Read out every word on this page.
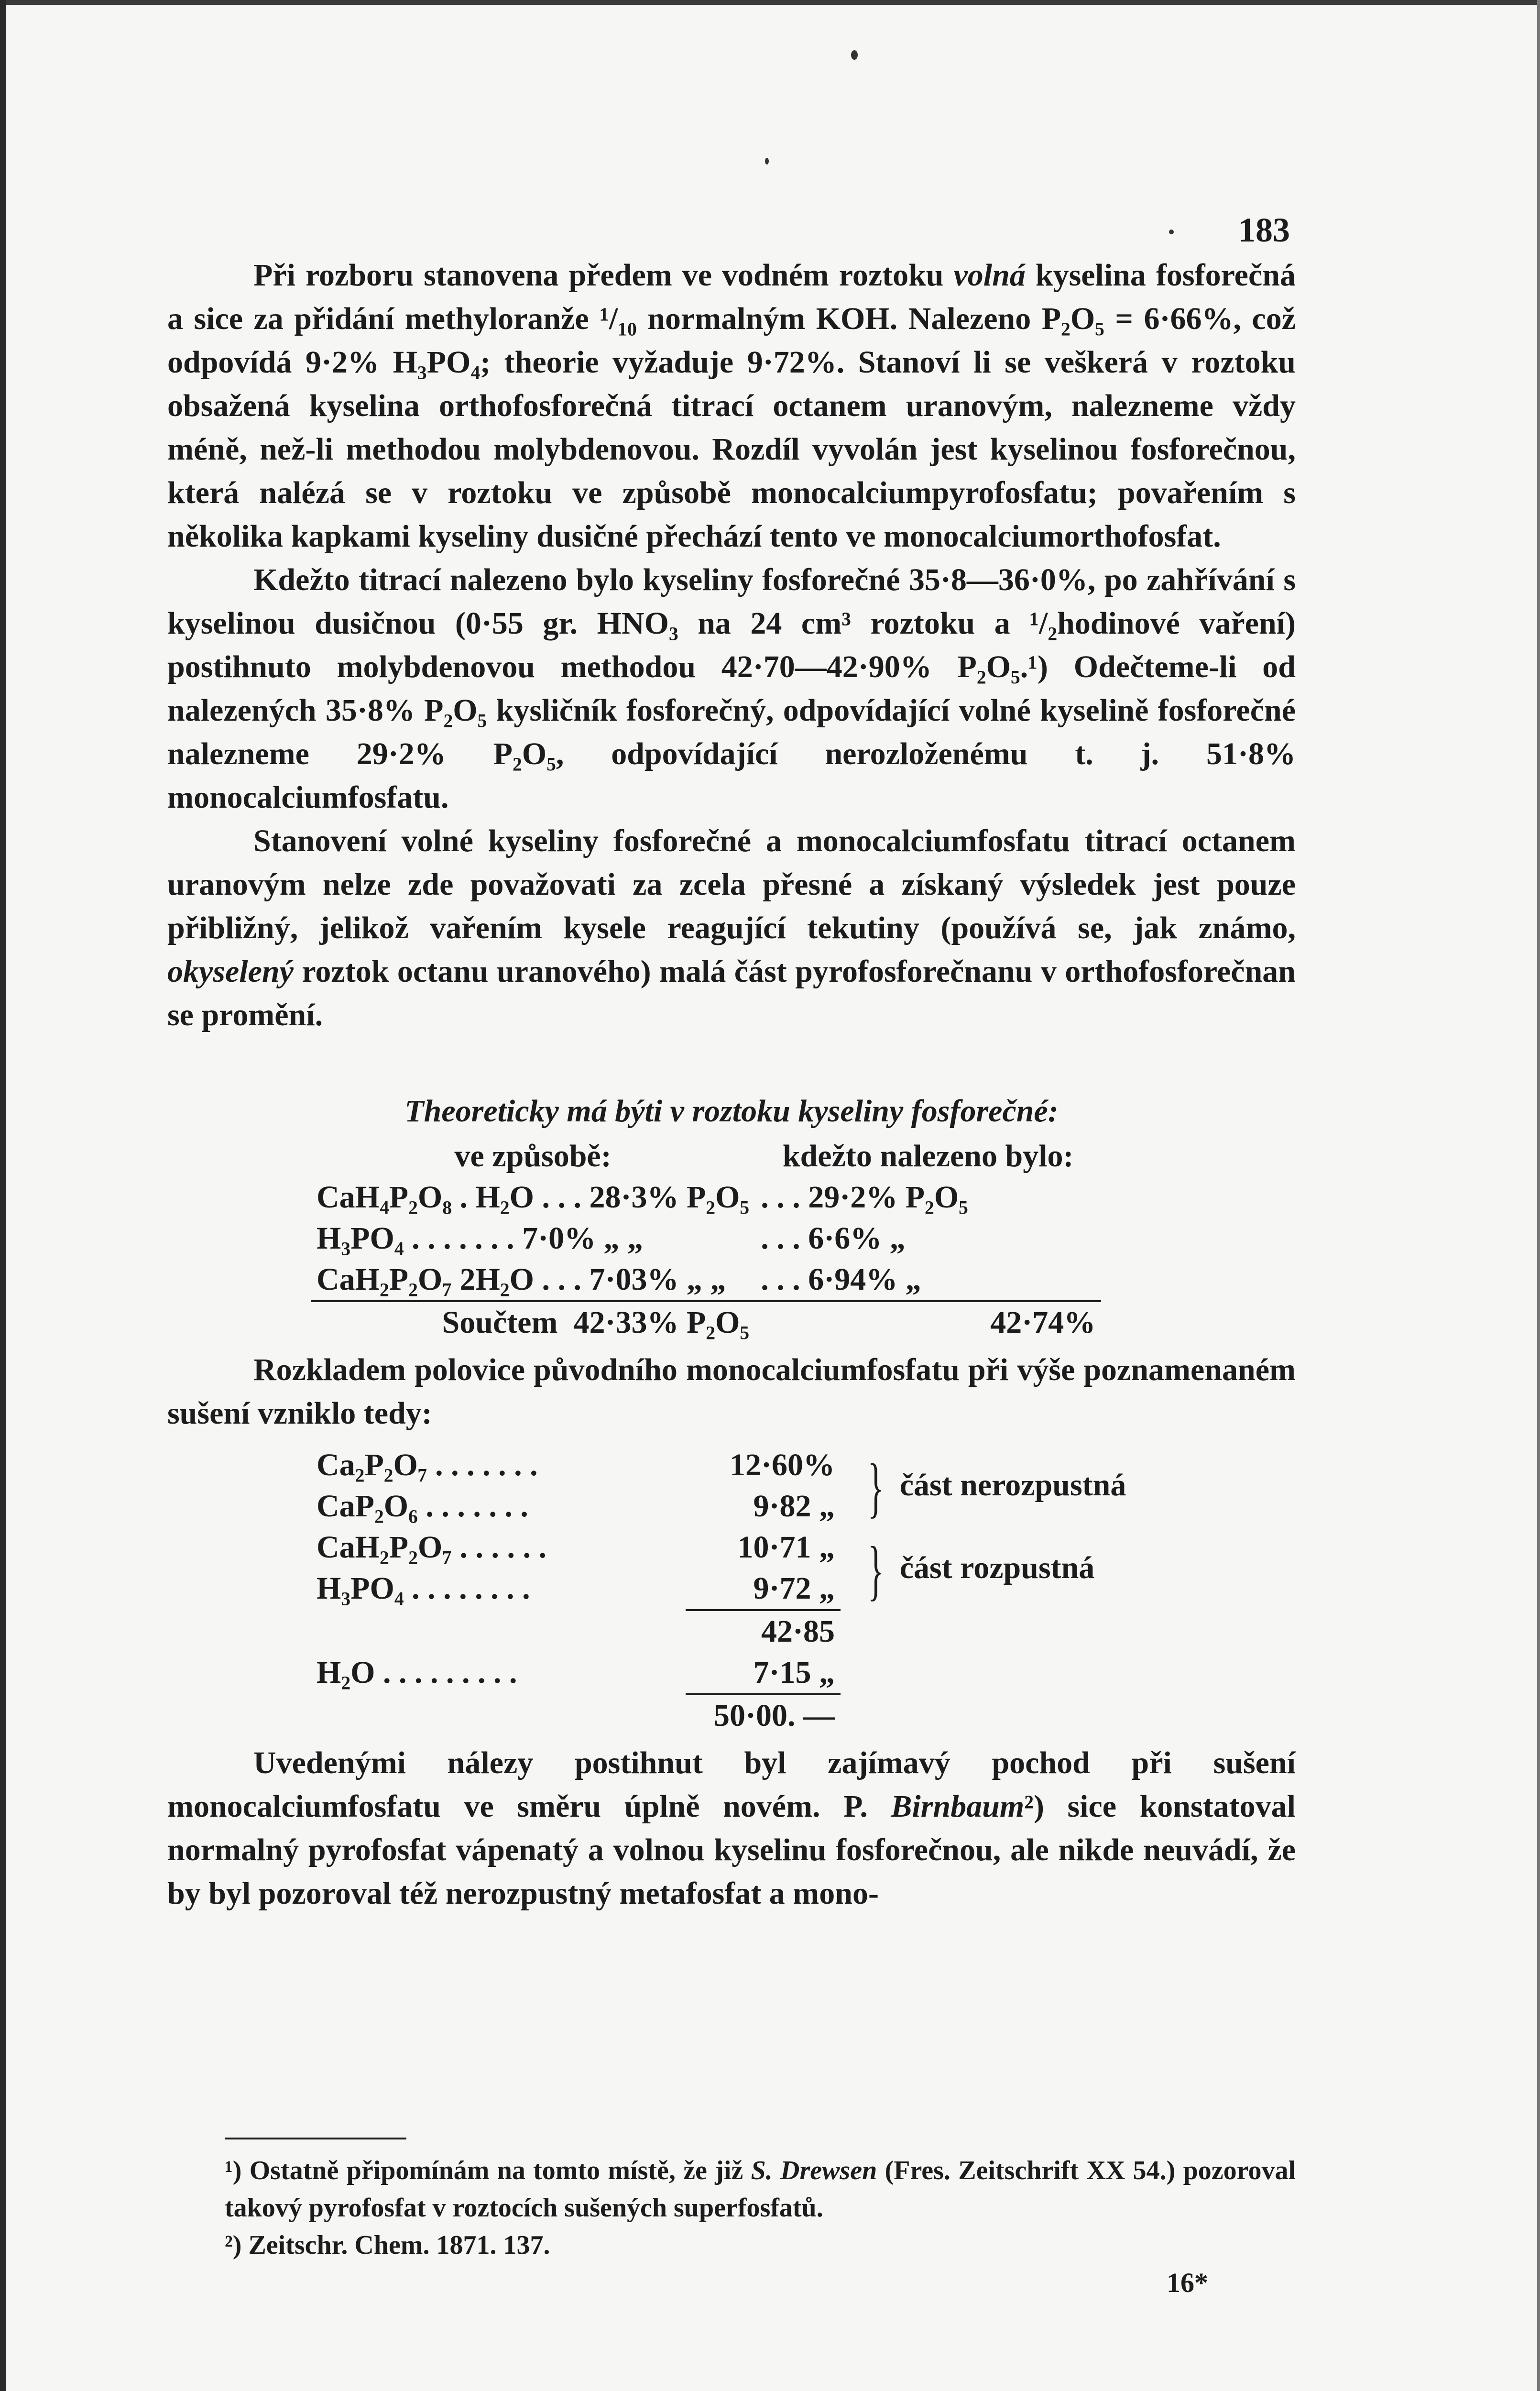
183

Při rozboru stanovena předem ve vodném roztoku volná kyselina fosforečná a sice za přidání methyloranže ¹/₁₀ normalným KOH. Nalezeno P₂O₅ = 6·66%, což odpovídá 9·2% H₃PO₄; theorie vyžaduje 9·72%. Stanoví li se veškerá v roztoku obsažená kyselina orthofosforečná titrací octanem uranovým, nalezneme vždy méně, než-li methodou molybdenovou. Rozdíl vyvolán jest kyselinou fosforečnou, která nalézá se v roztoku ve způsobě monocalciumpyrofosfatu; povařením s několika kapkami kyseliny dusičné přechází tento ve monocalciumorthofosfat.

Kdežto titrací nalezeno bylo kyseliny fosforečné 35·8—36·0%, po zahřívání s kyselinou dusičnou (0·55 gr. HNO₃ na 24 cm³ roztoku a ¹/₂hodinové vaření) postihnuto molybdenovou methodou 42·70—42·90% P₂O₅.¹) Odečteme-li od nalezených 35·8% P₂O₅ kysličník fosforečný, odpovídající volné kyselině fosforečné nalezneme 29·2% P₂O₅, odpovídající nerozloženému t. j. 51·8% monocalciumfosfatu.

Stanovení volné kyseliny fosforečné a monocalciumfosfatu titrací octanem uranovým nelze zde považovati za zcela přesné a získaný výsledek jest pouze přibližný, jelikož vařením kysele reagující tekutiny (používá se, jak známo, okyselený roztok octanu uranového) malá část pyrofosforečnanu v orthofosforečnan se promění.

Theoreticky má býti v roztoku kyseliny fosforečné:
ve způsobě:	kdežto nalezeno bylo:
CaH₄P₂O₈ . H₂O . . . 28·3% P₂O₅	. . . 29·2% P₂O₅
H₃PO₄ . . . . . . . 7·0% „ „	. . . 6·6% „
CaH₂P₂O₇ 2H₂O . . . 7·03% „ „	. . . 6·94% „
Součtem 42·33% P₂O₅	42·74%

Rozkladem polovice původního monocalciumfosfatu při výše poznamenaném sušení vzniklo tedy:

Ca₂P₂O₇ . . . . . . .	12·60%	} část nerozpustná
CaP₂O₆ . . . . . . .	9·82 „	
CaH₂P₂O₇ . . . . . .	10·71 „	} část rozpustná
H₃PO₄ . . . . . . . .	9·72 „	
	42·85	
H₂O . . . . . . . . .	7·15 „	
	50·00. —	

Uvedenými nálezy postihnut byl zajímavý pochod při sušení monocalciumfosfatu ve směru úplně novém. P. Birnbaum²) sice konstatoval normalný pyrofosfat vápenatý a volnou kyselinu fosforečnou, ale nikde neuvádí, že by byl pozoroval též nerozpustný metafosfat a mono-

¹) Ostatně připomínám na tomto místě, že již S. Drewsen (Fres. Zeitschrift XX 54.) pozoroval takový pyrofosfat v roztocích sušených superfosfatů.

²) Zeitschr. Chem. 1871. 137.

16*
